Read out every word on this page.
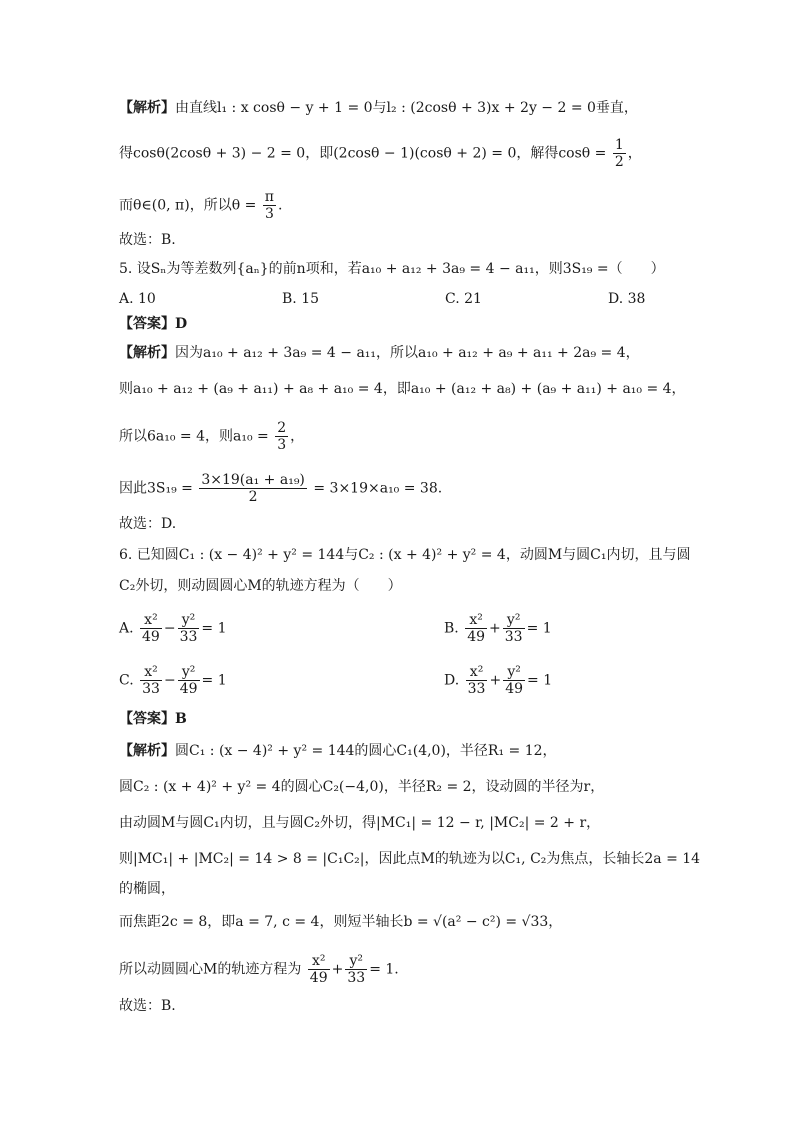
【解析】由直线l₁ : x cosθ − y + 1 = 0与l₂ : (2cosθ + 3)x + 2y − 2 = 0垂直，
得cosθ(2cosθ + 3) − 2 = 0，即(2cosθ − 1)(cosθ + 2) = 0，解得$\cos\theta = \frac{1}{2}$ ，
而θ∈(0, π)，所以$\theta = \frac{\pi}{3}$ .
故选：B.
5. 设Sₙ为等差数列{aₙ}的前n项和，若a₁₀ + a₁₂ + 3a₉ = 4 − a₁₁，则3S₁₉ =（　　）
A. 10	B. 15	C. 21	D. 38
【答案】D
【解析】因为a₁₀ + a₁₂ + 3a₉ = 4 − a₁₁，所以a₁₀ + a₁₂ + a₉ + a₁₁ + 2a₉ = 4，
则a₁₀ + a₁₂ + (a₉ + a₁₁) + a₈ + a₁₀ = 4，即a₁₀ + (a₁₂ + a₈) + (a₉ + a₁₁) + a₁₀ = 4，
所以6a₁₀ = 4，则$a_{10} = \frac{2}{3}$ ，
因此$3S_{19} = \frac{\text{3×19(a₁ + a₁₉)}}{2} = 3\times 19\times a_{10} = 38$.
故选：D.
6. 已知圆C₁ : (x − 4)² + y² = 144与C₂ : (x + 4)² + y² = 4，动圆M与圆C₁内切，且与圆
C₂外切，则动圆圆心M的轨迹方程为（　　）
A. $\frac{\text{x²}}{49} - \frac{\text{y²}}{33} = 1$	B. $\frac{\text{x²}}{49} + \frac{\text{y²}}{33} = 1$
C. $\frac{\text{x²}}{33} - \frac{\text{y²}}{49} = 1$	D. $\frac{\text{x²}}{33} + \frac{\text{y²}}{49} = 1$
【答案】B
【解析】圆C₁ : (x − 4)² + y² = 144的圆心C₁(4,0)，半径R₁ = 12，
圆C₂ : (x + 4)² + y² = 4的圆心C₂(−4,0)，半径R₂ = 2，设动圆的半径为r，
由动圆M与圆C₁内切，且与圆C₂外切，得|MC₁| = 12 − r, |MC₂| = 2 + r，
则|MC₁| + |MC₂| = 14 > 8 = |C₁C₂|，因此点M的轨迹为以C₁, C₂为焦点，长轴长2a = 14
的椭圆，
而焦距2c = 8，即a = 7, c = 4，则短半轴长b = √(a² − c²) = √33，
所以动圆圆心M的轨迹方程为 $\frac{\text{x²}}{49} + \frac{\text{y²}}{33} = 1$.
故选：B.
